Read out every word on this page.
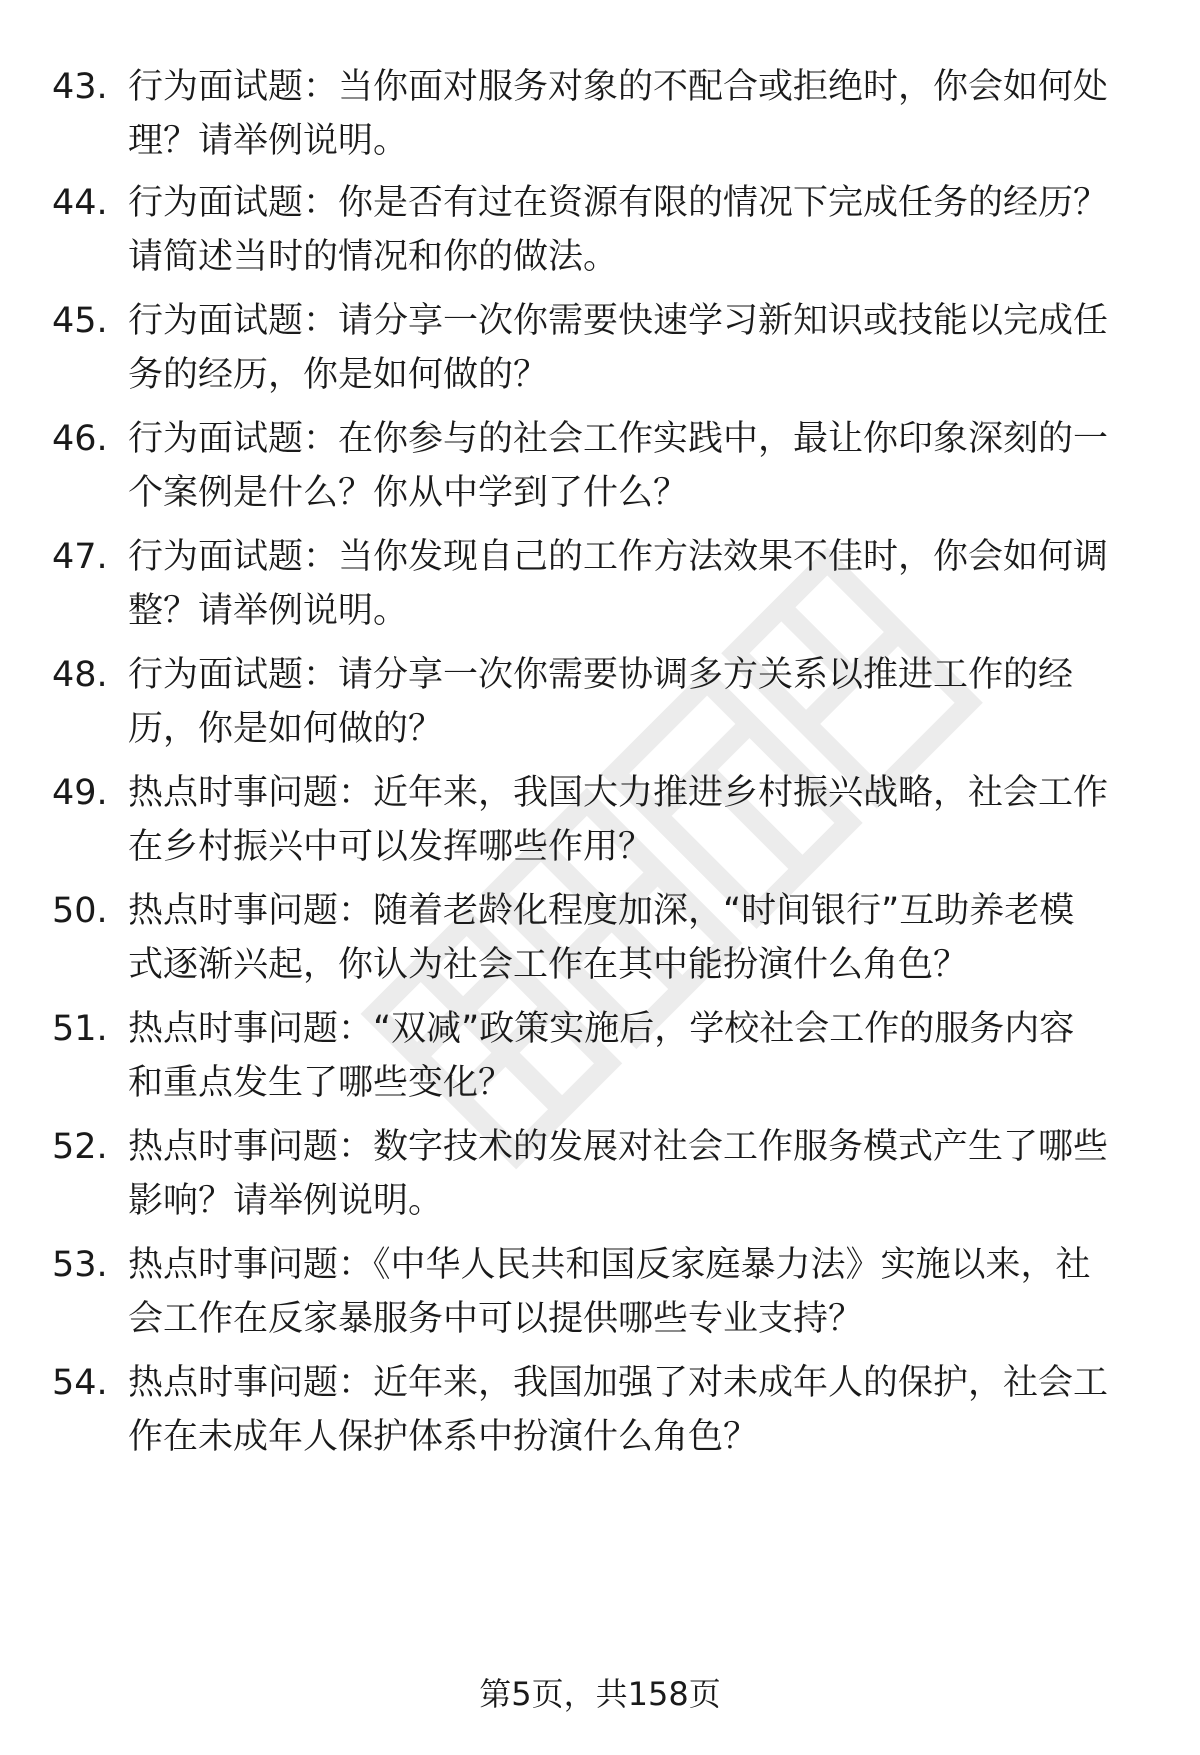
43. 行为面试题：当你面对服务对象的不配合或拒绝时，你会如何处
理？请举例说明。
44. 行为面试题：你是否有过在资源有限的情况下完成任务的经历？
请简述当时的情况和你的做法。
45. 行为面试题：请分享一次你需要快速学习新知识或技能以完成任
务的经历，你是如何做的？
46. 行为面试题：在你参与的社会工作实践中，最让你印象深刻的一
个案例是什么？你从中学到了什么？
47. 行为面试题：当你发现自己的工作方法效果不佳时，你会如何调
整？请举例说明。
48. 行为面试题：请分享一次你需要协调多方关系以推进工作的经
历，你是如何做的？
49. 热点时事问题：近年来，我国大力推进乡村振兴战略，社会工作
在乡村振兴中可以发挥哪些作用？
50. 热点时事问题：随着老龄化程度加深，“时间银行”互助养老模
式逐渐兴起，你认为社会工作在其中能扮演什么角色？
51. 热点时事问题：“双减”政策实施后，学校社会工作的服务内容
和重点发生了哪些变化？
52. 热点时事问题：数字技术的发展对社会工作服务模式产生了哪些
影响？请举例说明。
53. 热点时事问题：《中华人民共和国反家庭暴力法》实施以来，社
会工作在反家暴服务中可以提供哪些专业支持？
54. 热点时事问题：近年来，我国加强了对未成年人的保护，社会工
作在未成年人保护体系中扮演什么角色？
第5页，共158页
